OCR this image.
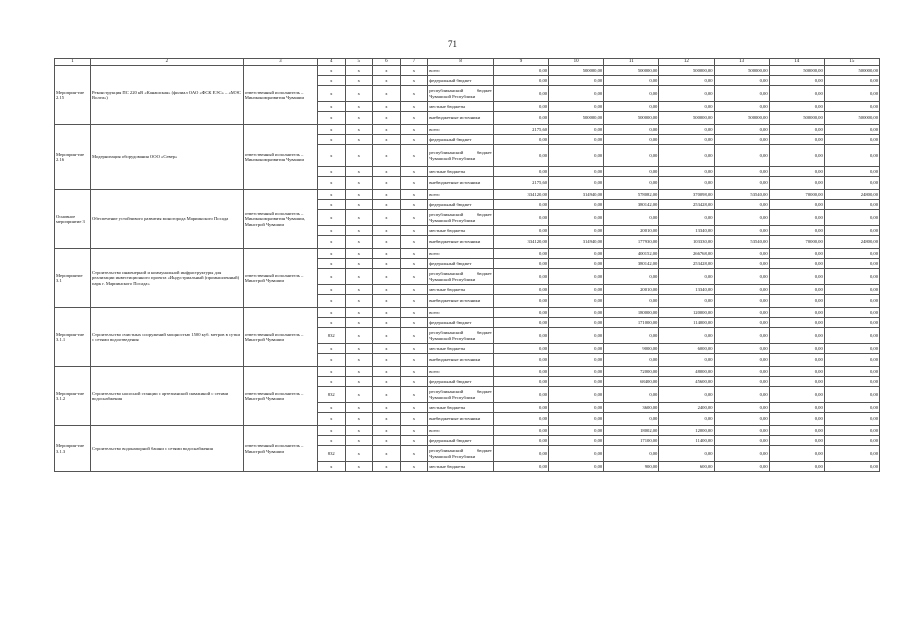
71
1	2	3	4	5	6	7	8	9	10	11	12	13	14	15
Мероприя-тие 2.15	Реконструкция ПС 220 кВ «Канашская» (филиал ОАО «ФСК ЕЭС» – «МЭС Волги»)	ответственный исполнитель – Минэкономразвития Чувашии	х	х	х	х	всего	0,00	500000,00	500000,00	500000,00	500000,00	500000,00	500000,00
			х	х	х	х	федеральный бюджет	0,00	0,00	0,00	0,00	0,00	0,00	0,00
			х	х	х	х	республиканский бюджет Чувашской Республики	0,00	0,00	0,00	0,00	0,00	0,00	0,00
			х	х	х	х	местные бюджеты	0,00	0,00	0,00	0,00	0,00	0,00	0,00
			х	х	х	х	внебюджетные источники	0,00	500000,00	500000,00	500000,00	500000,00	500000,00	500000,00
Мероприя-тие 2.16	Модернизация оборудования ООО «Север»	ответственный исполнитель – Минэкономразвития Чувашии	х	х	х	х	всего	2175,60	0,00	0,00	0,00	0,00	0,00	0,00
			х	х	х	х	федеральный бюджет	0,00	0,00	0,00	0,00	0,00	0,00	0,00
			х	х	х	х	республиканский бюджет Чувашской Республики	0,00	0,00	0,00	0,00	0,00	0,00	0,00
			х	х	х	х	местные бюджеты	0,00	0,00	0,00	0,00	0,00	0,00	0,00
			х	х	х	х	внебюджетные источники	2175,60	0,00	0,00	0,00	0,00	0,00	0,00
Основное мероприятие 3	Обеспечение устойчивого развития моногорода Мариинского Посада	ответственный исполнитель – Минэкономразвития Чувашии, Минстрой Чувашии	х	х	х	х	всего	334120,00	314940,00	578082,00	370098,00	53540,00	70000,00	24800,00
			х	х	х	х	федеральный бюджет	0,00	0,00	380142,00	253428,00	0,00	0,00	0,00
			х	х	х	х	республиканский бюджет Чувашской Республики	0,00	0,00	0,00	0,00	0,00	0,00	0,00
			х	х	х	х	местные бюджеты	0,00	0,00	20010,00	13340,00	0,00	0,00	0,00
			х	х	х	х	внебюджетные источники	334120,00	314940,00	177930,00	103330,00	53540,00	70000,00	24800,00
Мероприятие 3.1	Строительство инженерной и коммунальной инфраструктуры для реализации инвестиционного проекта «Индустриальный (промышленный) парк г. Мариинского Посада»	ответственный исполнитель – Минстрой Чувашии	х	х	х	х	всего	0,00	0,00	400152,00	266768,00	0,00	0,00	0,00
			х	х	х	х	федеральный бюджет	0,00	0,00	380142,00	253428,00	0,00	0,00	0,00
			х	х	х	х	республиканский бюджет Чувашской Республики	0,00	0,00	0,00	0,00	0,00	0,00	0,00
			х	х	х	х	местные бюджеты	0,00	0,00	20010,00	13340,00	0,00	0,00	0,00
			х	х	х	х	внебюджетные источники	0,00	0,00	0,00	0,00	0,00	0,00	0,00
Мероприя-тие 3.1.1	Строительство очистных сооружений мощностью 1500 куб. метров в сутки с сетями водоотведения	ответственный исполнитель – Минстрой Чувашии	х	х	х	х	всего	0,00	0,00	180000,00	120000,00	0,00	0,00	0,00
			х	х	х	х	федеральный бюджет	0,00	0,00	171000,00	114000,00	0,00	0,00	0,00
			832	х	х	х	республиканский бюджет Чувашской Республики	0,00	0,00	0,00	0,00	0,00	0,00	0,00
			х	х	х	х	местные бюджеты	0,00	0,00	9000,00	6000,00	0,00	0,00	0,00
			х	х	х	х	внебюджетные источники	0,00	0,00	0,00	0,00	0,00	0,00	0,00
Мероприя-тие 3.1.2	Строительство насосной станции с артезианской скважиной с сетями водоснабжения	ответственный исполнитель – Минстрой Чувашии	х	х	х	х	всего	0,00	0,00	72000,00	48000,00	0,00	0,00	0,00
			х	х	х	х	федеральный бюджет	0,00	0,00	68400,00	45600,00	0,00	0,00	0,00
			832	х	х	х	республиканский бюджет Чувашской Республики	0,00	0,00	0,00	0,00	0,00	0,00	0,00
			х	х	х	х	местные бюджеты	0,00	0,00	3600,00	2400,00	0,00	0,00	0,00
			х	х	х	х	внебюджетные источники	0,00	0,00	0,00	0,00	0,00	0,00	0,00
Мероприя-тие 3.1.3	Строительство водонапорной башни с сетями водоснабжения	ответственный исполнитель – Минстрой Чувашии	х	х	х	х	всего	0,00	0,00	18002,00	12000,00	0,00	0,00	0,00
			х	х	х	х	федеральный бюджет	0,00	0,00	17100,00	11400,00	0,00	0,00	0,00
			832	х	х	х	республиканский бюджет Чувашской Республики	0,00	0,00	0,00	0,00	0,00	0,00	0,00
			х	х	х	х	местные бюджеты	0,00	0,00	900,00	600,00	0,00	0,00	0,00
